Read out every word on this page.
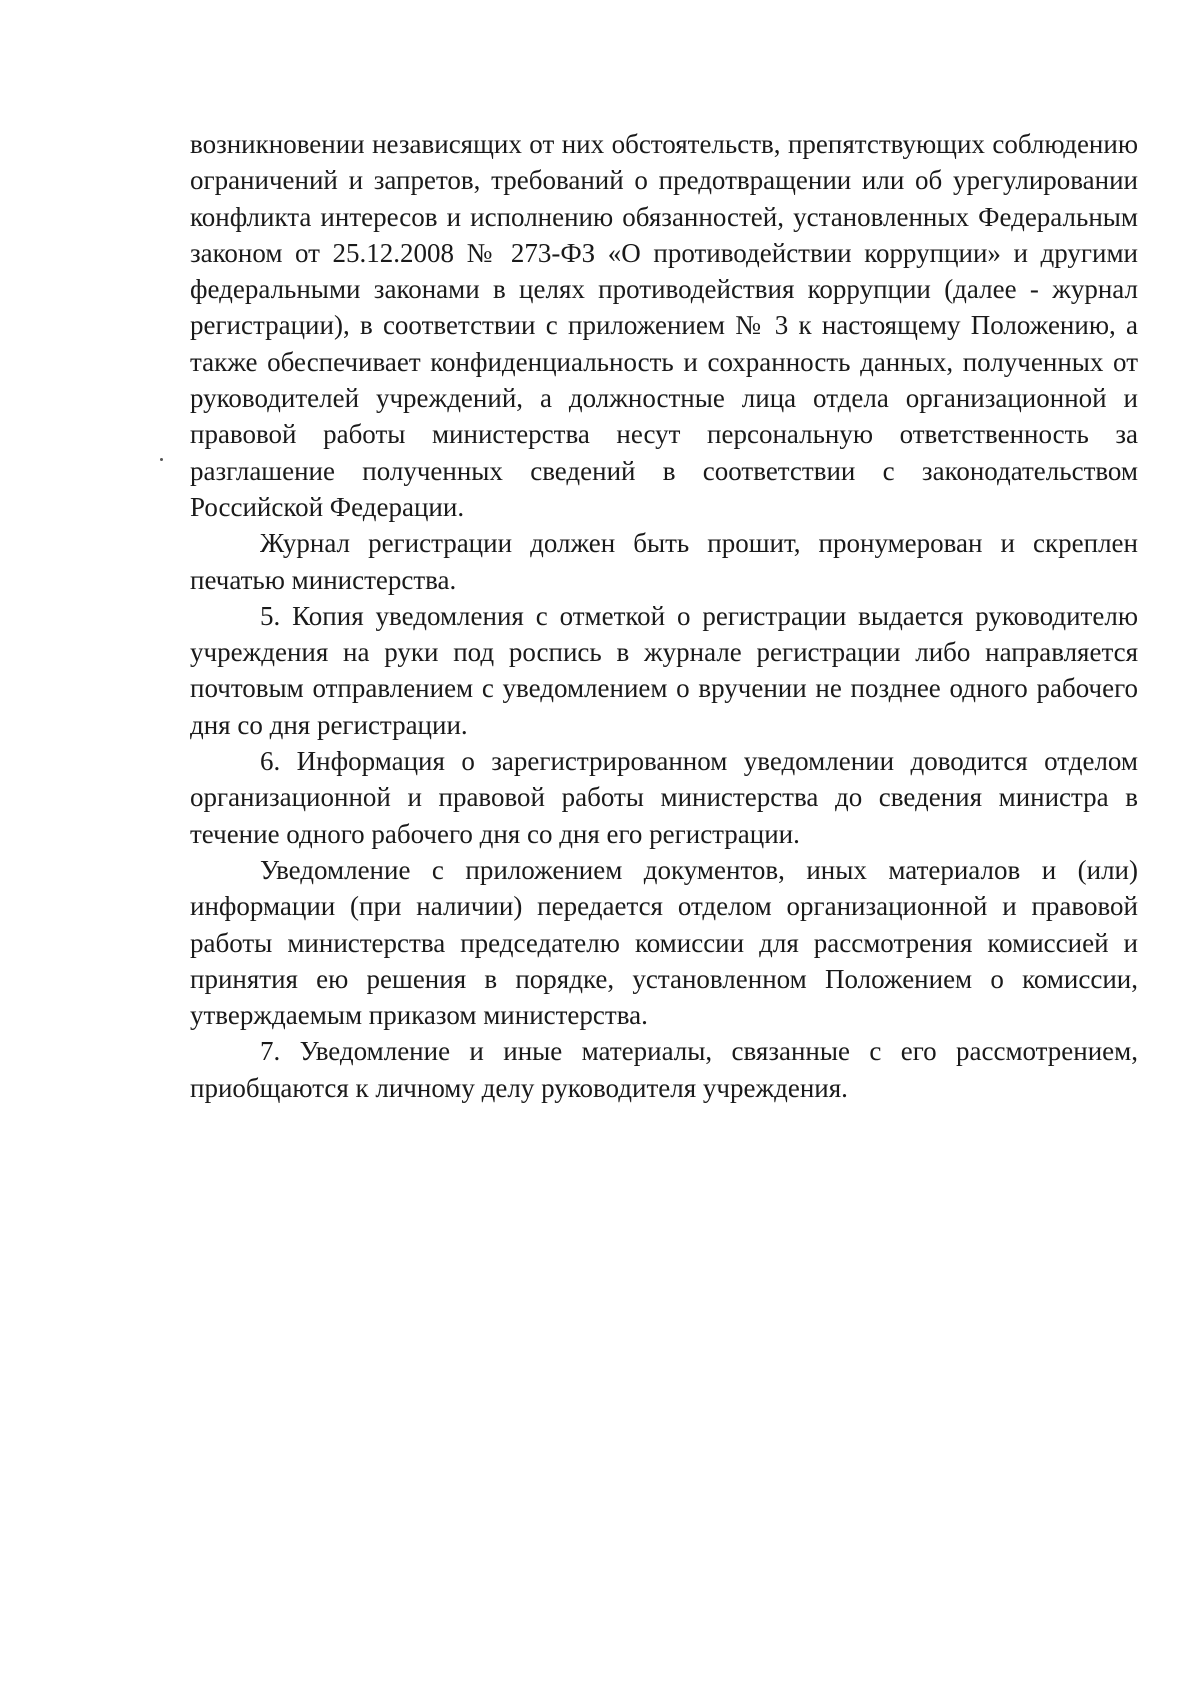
возникновении независящих от них обстоятельств, препятствующих соблюдению ограничений и запретов, требований о предотвращении или об урегулировании конфликта интересов и исполнению обязанностей, установленных Федеральным законом от 25.12.2008 № 273-ФЗ «О противодействии коррупции» и другими федеральными законами в целях противодействия коррупции (далее - журнал регистрации), в соответствии с приложением № 3 к настоящему Положению, а также обеспечивает конфиденциальность и сохранность данных, полученных от руководителей учреждений, а должностные лица отдела организационной и правовой работы министерства несут персональную ответственность за разглашение полученных сведений в соответствии с законодательством Российской Федерации.

Журнал регистрации должен быть прошит, пронумерован и скреплен печатью министерства.

5. Копия уведомления с отметкой о регистрации выдается руководителю учреждения на руки под роспись в журнале регистрации либо направляется почтовым отправлением с уведомлением о вручении не позднее одного рабочего дня со дня регистрации.

6. Информация о зарегистрированном уведомлении доводится отделом организационной и правовой работы министерства до сведения министра в течение одного рабочего дня со дня его регистрации.

Уведомление с приложением документов, иных материалов и (или) информации (при наличии) передается отделом организационной и правовой работы министерства председателю комиссии для рассмотрения комиссией и принятия ею решения в порядке, установленном Положением о комиссии, утверждаемым приказом министерства.

7. Уведомление и иные материалы, связанные с его рассмотрением, приобщаются к личному делу руководителя учреждения.
